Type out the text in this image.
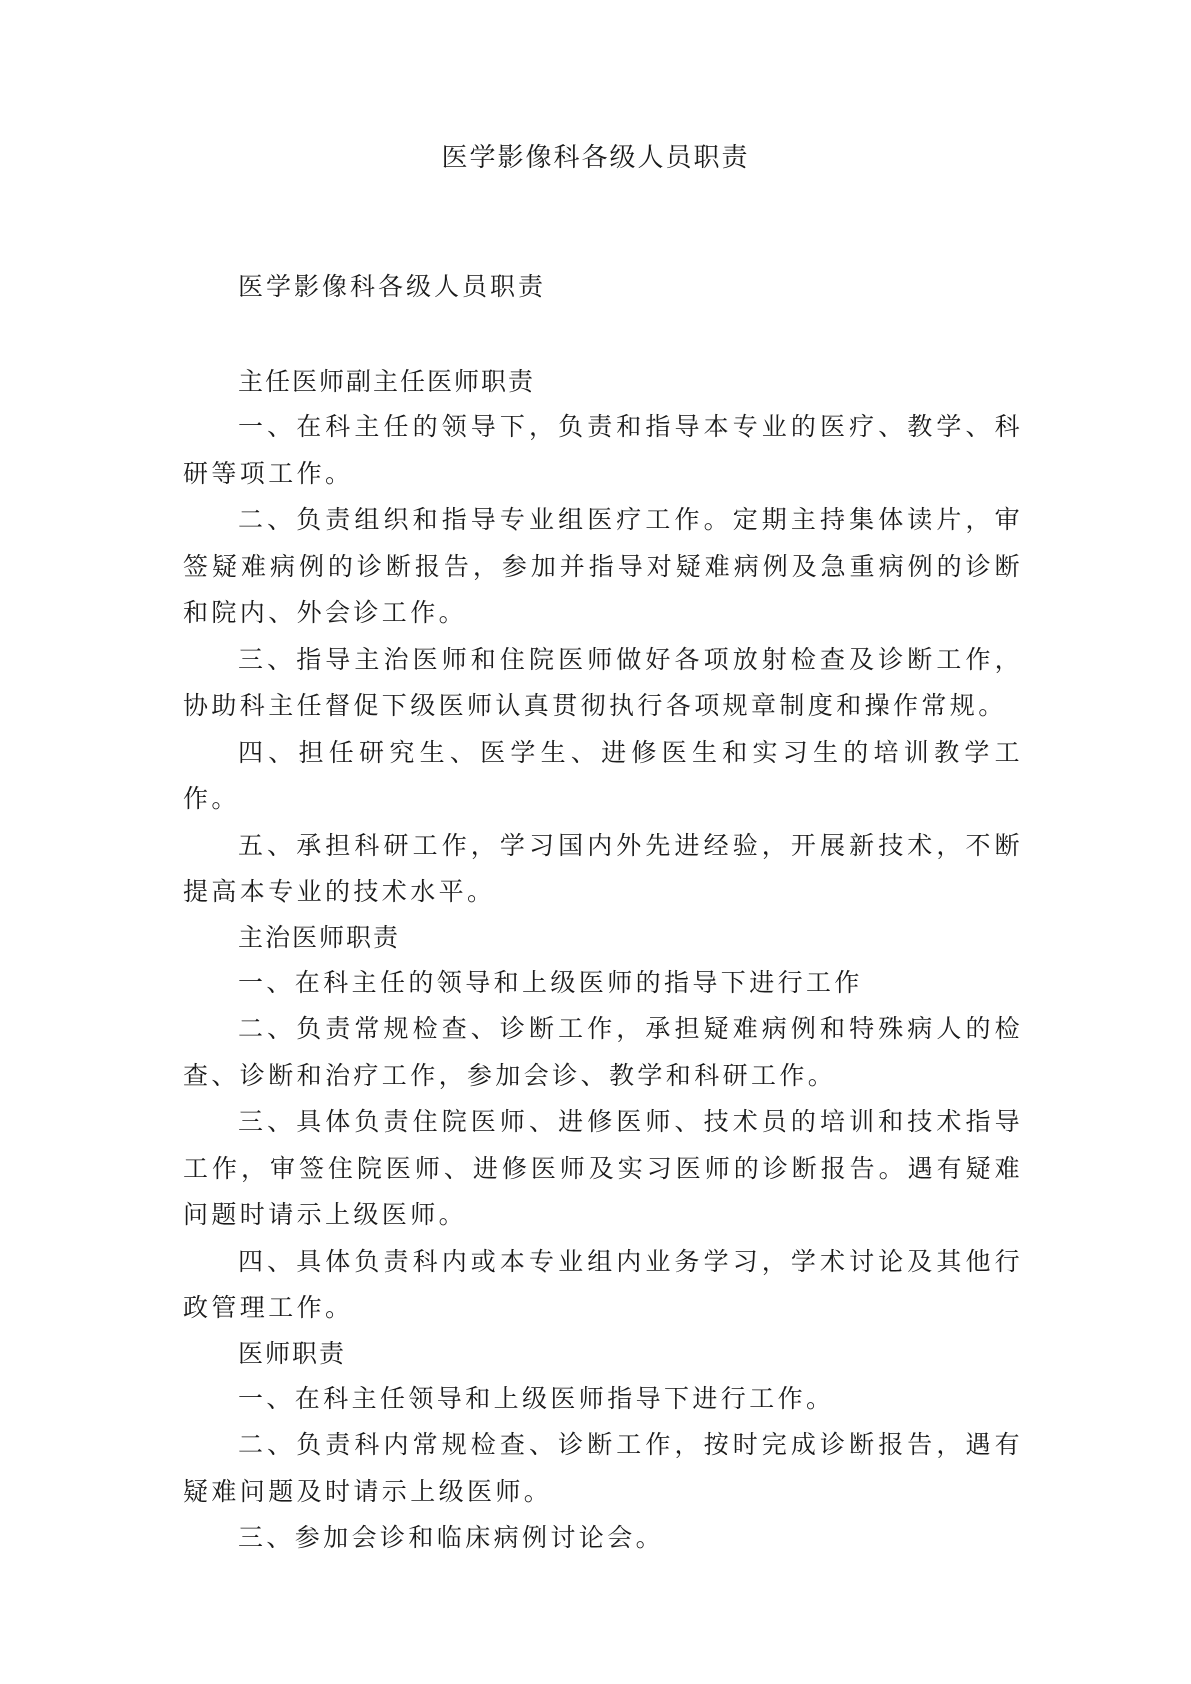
医学影像科各级人员职责
医学影像科各级人员职责
主任医师副主任医师职责

一、在科主任的领导下，负责和指导本专业的医疗、教学、科研等项工作。

二、负责组织和指导专业组医疗工作。定期主持集体读片，审签疑难病例的诊断报告，参加并指导对疑难病例及急重病例的诊断和院内、外会诊工作。

三、指导主治医师和住院医师做好各项放射检查及诊断工作，协助科主任督促下级医师认真贯彻执行各项规章制度和操作常规。

四、担任研究生、医学生、进修医生和实习生的培训教学工作。

五、承担科研工作，学习国内外先进经验，开展新技术，不断提高本专业的技术水平。

主治医师职责

一、在科主任的领导和上级医师的指导下进行工作

二、负责常规检查、诊断工作，承担疑难病例和特殊病人的检查、诊断和治疗工作，参加会诊、教学和科研工作。

三、具体负责住院医师、进修医师、技术员的培训和技术指导工作，审签住院医师、进修医师及实习医师的诊断报告。遇有疑难问题时请示上级医师。

四、具体负责科内或本专业组内业务学习，学术讨论及其他行政管理工作。

医师职责

一、在科主任领导和上级医师指导下进行工作。

二、负责科内常规检查、诊断工作，按时完成诊断报告，遇有疑难问题及时请示上级医师。

三、参加会诊和临床病例讨论会。
